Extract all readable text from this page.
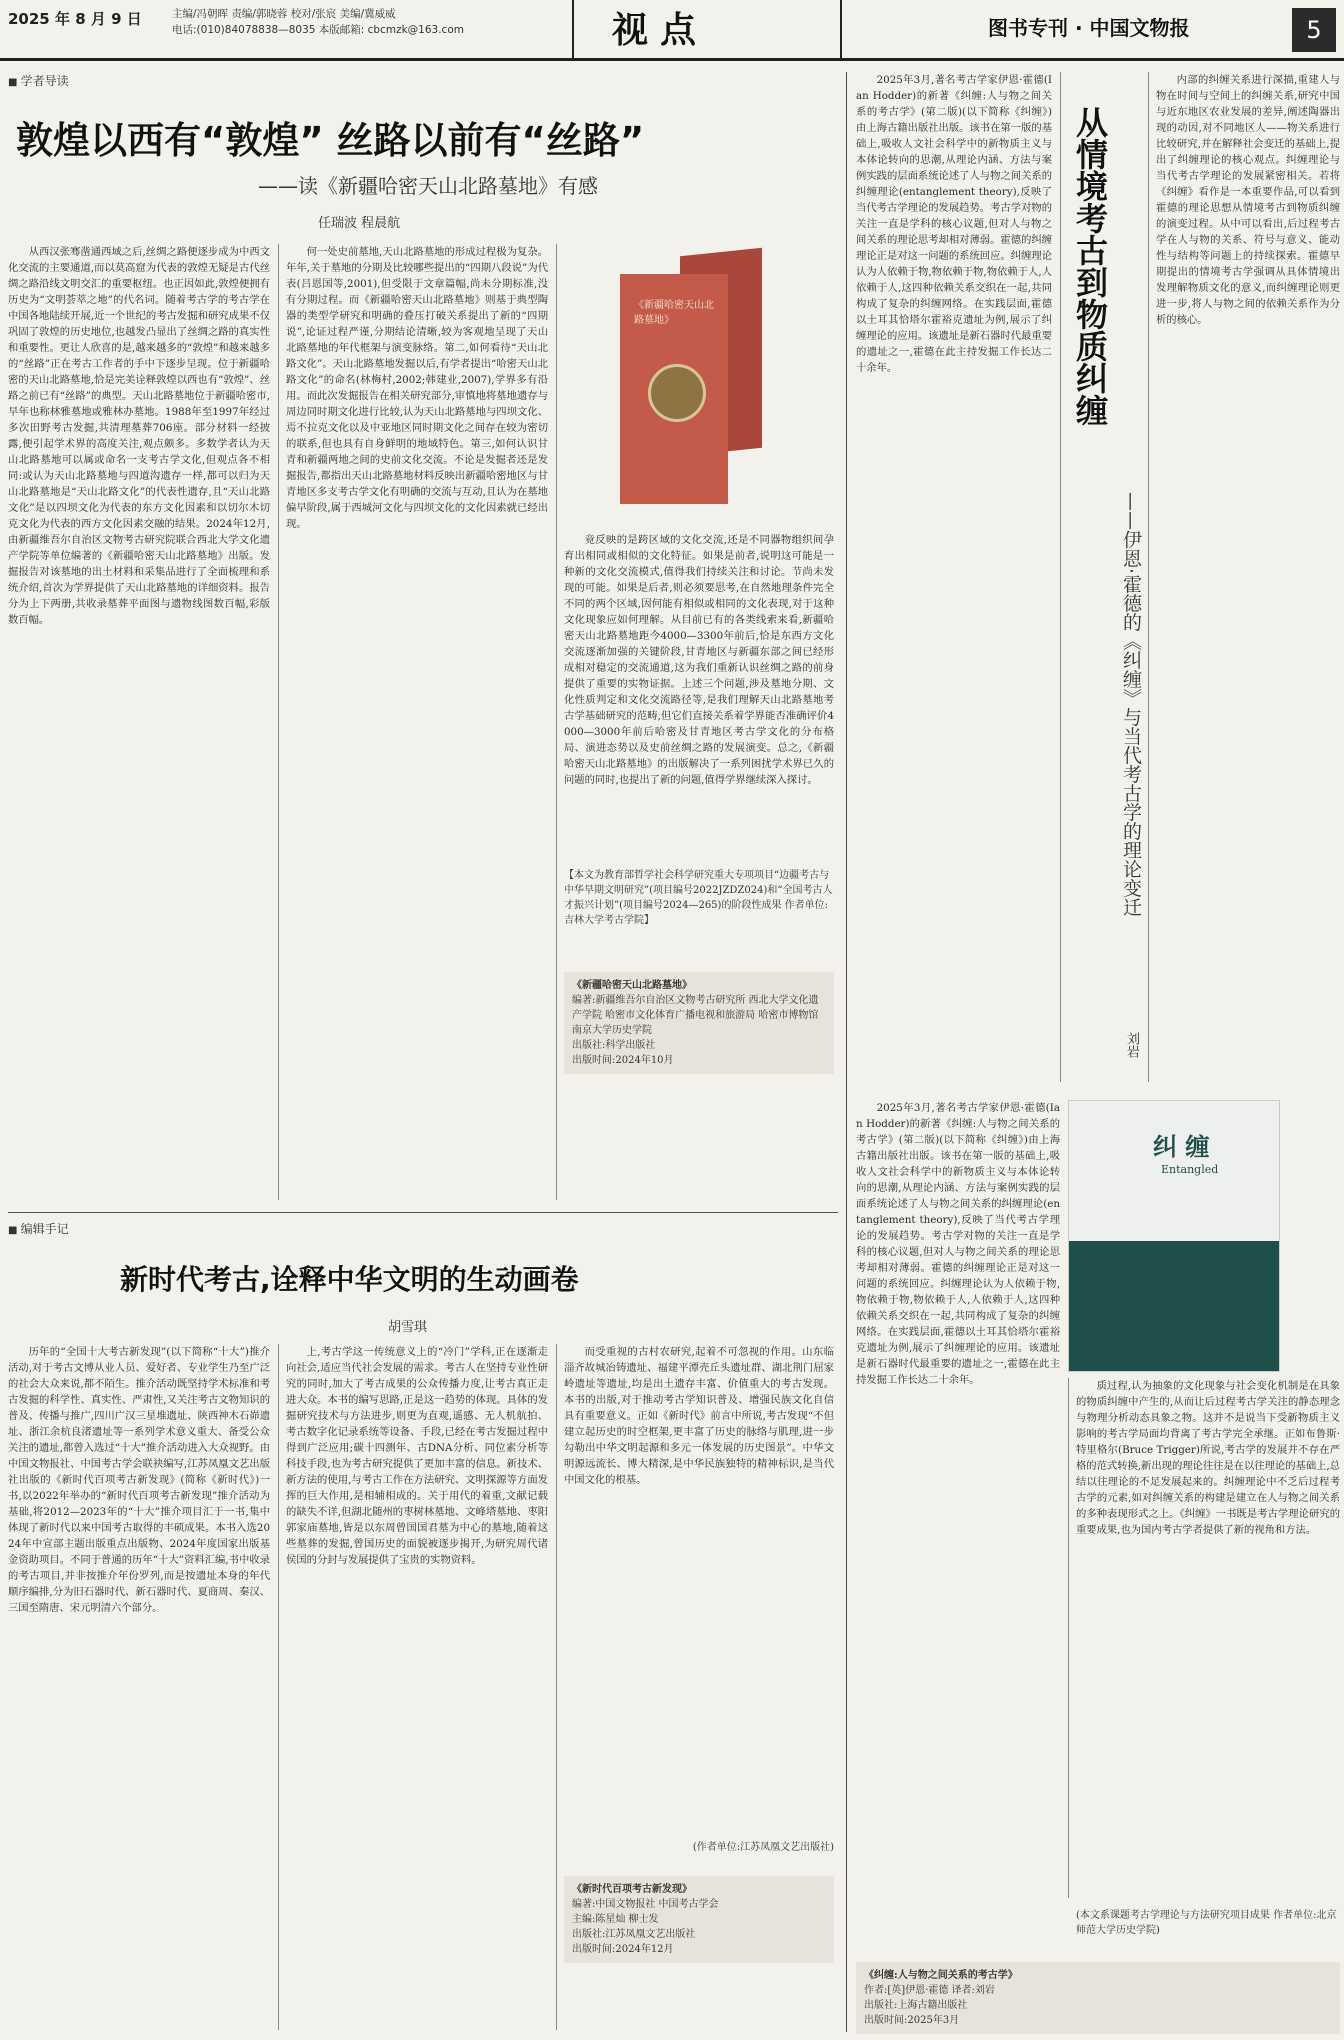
2025 年 8 月 9 日	主编/冯朝晖 责编/郭晓蓉 校对/张宸 美编/冀威威
电话:(010)84078838—8035 本版邮箱: cbcmzk@163.com	视点	图书专刊 · 中国文物报	5
■ 学者导读
敦煌以西有“敦煌” 丝路以前有“丝路”
——读《新疆哈密天山北路墓地》有感
任瑞波 程晨航

从西汉张骞凿通西域之后,丝绸之路便逐步成为中西文化交流的主要通道,而以莫高窟为代表的敦煌无疑是古代丝绸之路沿线文明交汇的重要枢纽。也正因如此,敦煌便拥有历史为“文明荟萃之地”的代名词。随着考古学的考古学在中国各地陆续开展,近一个世纪的考古发掘和研究成果不仅巩固了敦煌的历史地位,也越发凸显出了丝绸之路的真实性和重要性。更让人欣喜的是,越来越多的“敦煌”和越来越多的“丝路”正在考古工作者的手中下逐步呈现。位于新疆哈密的天山北路墓地,恰是完美诠释敦煌以西也有“敦煌”、丝路之前已有“丝路”的典型。天山北路墓地位于新疆哈密市,早年也称林雅墓地或雅林办墓地。1988年至1997年经过多次田野考古发掘,共清理墓葬706座。部分材料一经披露,便引起学术界的高度关注,观点颇多。多数学者认为天山北路墓地可以属或命名一支考古学文化,但观点各不相同:或认为天山北路墓地与四道沟遗存一样,都可以归为天山北路墓地是“天山北路文化”的代表性遗存,且“天山北路文化”是以四坝文化为代表的东方文化因素和以切尔木切克文化为代表的西方文化因素交融的结果。2024年12月,由新疆维吾尔自治区文物考古研究院联合西北大学文化遗产学院等单位编著的《新疆哈密天山北路墓地》出版。发掘报告对该墓地的出土材料和采集品进行了全面梳理和系统介绍,首次为学界提供了天山北路墓地的详细资料。报告分为上下两册,共收录墓葬平面图与遗物线图数百幅,彩版数百幅。

何一处史前墓地,天山北路墓地的形成过程极为复杂。年年,关于墓地的分期及比较哪些提出的“四期八段说”为代表(吕恩国等,2001),但受限于文章篇幅,尚未分期标准,没有分期过程。而《新疆哈密天山北路墓地》则基于典型陶器的类型学研究和明确的叠压打破关系提出了新的“四期说”,论证过程严谨,分期结论清晰,较为客观地呈现了天山北路墓地的年代框架与演变脉络。第二,如何看待“天山北路文化”。天山北路墓地发掘以后,有学者提出“哈密天山北路文化”的命名(林梅村,2002;韩建业,2007),学界多有沿用。而此次发掘报告在相关研究部分,审慎地将墓地遗存与周边同时期文化进行比较,认为天山北路墓地与四坝文化、焉不拉克文化以及中亚地区同时期文化之间存在较为密切的联系,但也具有自身鲜明的地域特色。第三,如何认识甘青和新疆两地之间的史前文化交流。不论是发掘者还是发掘报告,都指出天山北路墓地材料反映出新疆哈密地区与甘青地区多支考古学文化有明确的交流与互动,且认为在墓地偏早阶段,属于西城河文化与四坝文化的文化因素就已经出现。

《新疆哈密天山北路墓地》

竟反映的是跨区域的文化交流,还是不同器物组织间孕育出相同或相似的文化特征。如果是前者,说明这可能是一种新的文化交流模式,值得我们持续关注和讨论。节尚未发现的可能。如果是后者,则必须要思考,在自然地理条件完全不同的两个区域,因何能有相似或相同的文化表现,对于这种文化现象应如何理解。从目前已有的各类线索来看,新疆哈密天山北路墓地距今4000—3300年前后,恰是东西方文化交流逐渐加强的关键阶段,甘青地区与新疆东部之间已经形成相对稳定的交流通道,这为我们重新认识丝绸之路的前身提供了重要的实物证据。上述三个问题,涉及墓地分期、文化性质判定和文化交流路径等,是我们理解天山北路墓地考古学基础研究的范畴,但它们直接关系着学界能否准确评价4000—3000年前后哈密及甘青地区考古学文化的分布格局、演进态势以及史前丝绸之路的发展演变。总之,《新疆哈密天山北路墓地》的出版解决了一系列困扰学术界已久的问题的同时,也提出了新的问题,值得学界继续深入探讨。

【本文为教育部哲学社会科学研究重大专项项目“边疆考古与中华早期文明研究”(项目编号2022JZDZ024)和“全国考古人才振兴计划”(项目编号2024—265)的阶段性成果 作者单位:吉林大学考古学院】
《新疆哈密天山北路墓地》
编著:新疆维吾尔自治区文物考古研究所 西北大学文化遗产学院 哈密市文化体育广播电视和旅游局 哈密市博物馆 南京大学历史学院
出版社:科学出版社
出版时间:2024年10月
■ 编辑手记
新时代考古,诠释中华文明的生动画卷
胡雪琪

历年的“全国十大考古新发现”(以下简称“十大”)推介活动,对于考古文博从业人员、爱好者、专业学生乃至广泛的社会大众来说,都不陌生。推介活动既坚持学术标准和考古发掘的科学性、真实性、严肃性,又关注考古文物知识的普及、传播与推广,四川广汉三星堆遗址、陕西神木石峁遗址、浙江余杭良渚遗址等一系列学术意义重大、备受公众关注的遗址,都曾入选过“十大”推介活动进入大众视野。由中国文物报社、中国考古学会联袂编写,江苏凤凰文艺出版社出版的《新时代百项考古新发现》(简称《新时代》)一书,以2022年举办的“新时代百项考古新发现”推介活动为基础,将2012—2023年的“十大”推介项目汇于一书,集中体现了新时代以来中国考古取得的丰硕成果。本书入选2024年中宣部主题出版重点出版物、2024年度国家出版基金资助项目。不同于普通的历年“十大”资料汇编,书中收录的考古项目,并非按推介年份罗列,而是按遗址本身的年代顺序编排,分为旧石器时代、新石器时代、夏商周、秦汉、三国至隋唐、宋元明清六个部分。

上,考古学这一传统意义上的“冷门”学科,正在逐渐走向社会,适应当代社会发展的需求。考古人在坚持专业性研究的同时,加大了考古成果的公众传播力度,让考古真正走进大众。本书的编写思路,正是这一趋势的体现。具体的发掘研究技术与方法进步,则更为直观,遥感、无人机航拍、考古数字化记录系统等设备、手段,已经在考古发掘过程中得到广泛应用;碳十四测年、古DNA分析、同位素分析等科技手段,也为考古研究提供了更加丰富的信息。新技术、新方法的使用,与考古工作在方法研究、文明探源等方面发挥的巨大作用,是相辅相成的。关于用代的着重,文献记载的缺失不详,但湖北随州的枣树林墓地、文峰塔墓地、枣阳郭家庙墓地,皆是以东周曾国国君墓为中心的墓地,随着这些墓葬的发掘,曾国历史的面貌被逐步揭开,为研究周代诸侯国的分封与发展提供了宝贵的实物资料。

而受重视的古村农研究,起着不可忽视的作用。山东临淄齐故城冶铸遗址、福建平潭壳丘头遗址群、湖北荆门屈家岭遗址等遗址,均是出土遗存丰富、价值重大的考古发现。本书的出版,对于推动考古学知识普及、增强民族文化自信具有重要意义。正如《新时代》前言中所说,考古发现“不但建立起历史的时空框架,更丰富了历史的脉络与肌理,进一步勾勒出中华文明起源和多元一体发展的历史图景”。中华文明源远流长、博大精深,是中华民族独特的精神标识,是当代中国文化的根基。

(作者单位:江苏凤凰文艺出版社)
《新时代百项考古新发现》
编著:中国文物报社 中国考古学会
主编:陈星灿 柳士发
出版社:江苏凤凰文艺出版社
出版时间:2024年12月

2025年3月,著名考古学家伊恩·霍德(Ian Hodder)的新著《纠缠:人与物之间关系的考古学》(第二版)(以下简称《纠缠》)由上海古籍出版社出版。该书在第一版的基础上,吸收人文社会科学中的新物质主义与本体论转向的思潮,从理论内涵、方法与案例实践的层面系统论述了人与物之间关系的纠缠理论(entanglement theory),反映了当代考古学理论的发展趋势。考古学对物的关注一直是学科的核心议题,但对人与物之间关系的理论思考却相对薄弱。霍德的纠缠理论正是对这一问题的系统回应。纠缠理论认为人依赖于物,物依赖于物,物依赖于人,人依赖于人,这四种依赖关系交织在一起,共同构成了复杂的纠缠网络。在实践层面,霍德以土耳其恰塔尔霍裕克遗址为例,展示了纠缠理论的应用。该遗址是新石器时代最重要的遗址之一,霍德在此主持发掘工作长达二十余年。	从情境考古到物质纠缠
——伊恩·霍德的《纠缠》与当代考古学的理论变迁
刘岩

内部的纠缠关系进行深描,重建人与物在时间与空间上的纠缠关系,研究中国与近东地区农业发展的差异,阐述陶器出现的动因,对不同地区人——物关系进行比较研究,并在解释社会变迁的基础上,提出了纠缠理论的核心观点。纠缠理论与当代考古学理论的发展紧密相关。若将《纠缠》看作是一本重要作品,可以看到霍德的理论思想从情境考古到物质纠缠的演变过程。从中可以看出,后过程考古学在人与物的关系、符号与意义、能动性与结构等问题上的持续探索。霍德早期提出的情境考古学强调从具体情境出发理解物质文化的意义,而纠缠理论则更进一步,将人与物之间的依赖关系作为分析的核心。

纠 缠
Entangled

2025年3月,著名考古学家伊恩·霍德(Ian Hodder)的新著《纠缠:人与物之间关系的考古学》(第二版)(以下简称《纠缠》)由上海古籍出版社出版。该书在第一版的基础上,吸收人文社会科学中的新物质主义与本体论转向的思潮,从理论内涵、方法与案例实践的层面系统论述了人与物之间关系的纠缠理论(entanglement theory),反映了当代考古学理论的发展趋势。考古学对物的关注一直是学科的核心议题,但对人与物之间关系的理论思考却相对薄弱。霍德的纠缠理论正是对这一问题的系统回应。纠缠理论认为人依赖于物,物依赖于物,物依赖于人,人依赖于人,这四种依赖关系交织在一起,共同构成了复杂的纠缠网络。在实践层面,霍德以土耳其恰塔尔霍裕克遗址为例,展示了纠缠理论的应用。该遗址是新石器时代最重要的遗址之一,霍德在此主持发掘工作长达二十余年。	质过程,认为抽象的文化现象与社会变化机制是在具象的物质纠缠中产生的,从而让后过程考古学关注的静态理念与物理分析动态具象之物。这并不是说当下受新物质主义影响的考古学局面均背离了考古学完全承继。正如布鲁斯·特里格尔(Bruce Trigger)所说,考古学的发展并不存在严格的范式转换,新出现的理论往往是在以往理论的基础上,总结以往理论的不足发展起来的。纠缠理论中不乏后过程考古学的元素,如对纠缠关系的构建是建立在人与物之间关系的多种表现形式之上。《纠缠》一书既是考古学理论研究的重要成果,也为国内考古学者提供了新的视角和方法。

(本文系课题考古学理论与方法研究项目成果 作者单位:北京师范大学历史学院)
《纠缠:人与物之间关系的考古学》
作者:[英]伊恩·霍德 译者:刘岩
出版社:上海古籍出版社
出版时间:2025年3月
